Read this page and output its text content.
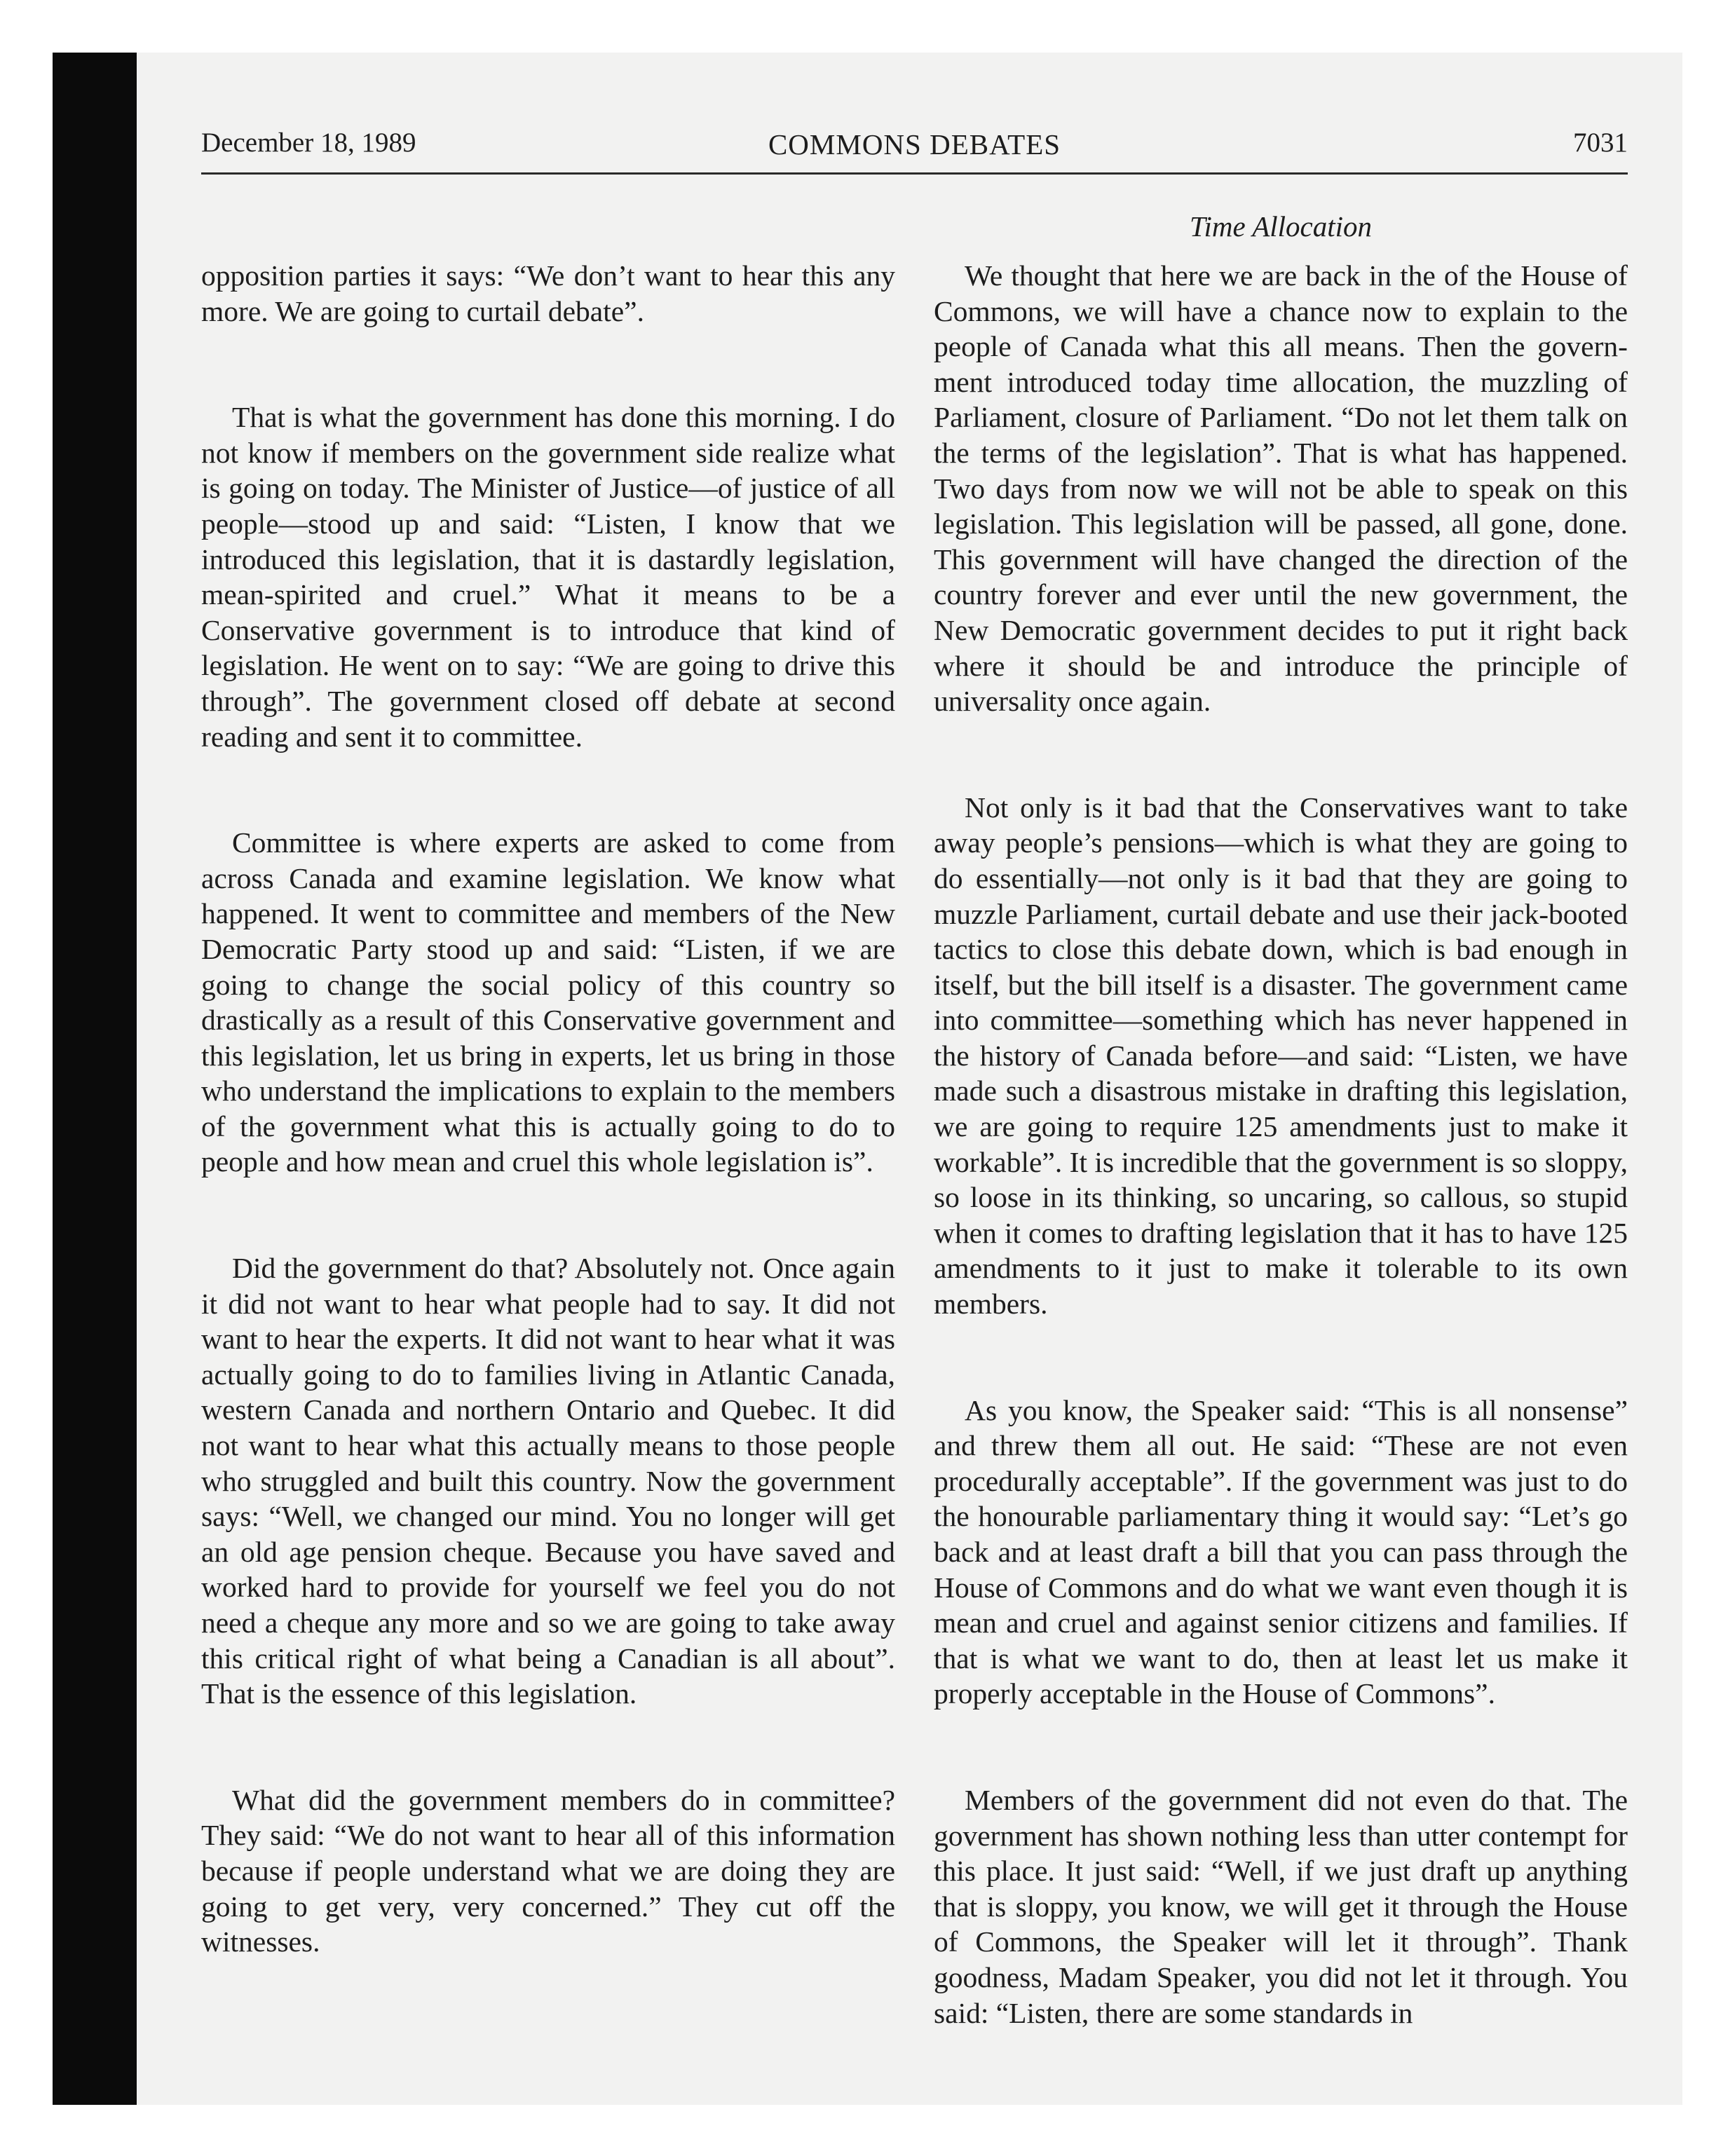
December 18, 1989	COMMONS DEBATES	7031
Time Allocation

opposition parties it says: “We don’t want to hear this any more. We are going to curtail debate”.

That is what the government has done this morning. I do not know if members on the government side realize what is going on today. The Minister of Justice—of justice of all people—stood up and said: “Listen, I know that we introduced this legislation, that it is dastardly legislation, mean-spirited and cruel.” What it means to be a Conservative government is to introduce that kind of legislation. He went on to say: “We are going to drive this through”. The government closed off debate at second reading and sent it to committee.

Committee is where experts are asked to come from across Canada and examine legislation. We know what happened. It went to committee and members of the New Democratic Party stood up and said: “Listen, if we are going to change the social policy of this country so drastically as a result of this Conservative government and this legislation, let us bring in experts, let us bring in those who understand the implications to explain to the members of the government what this is actually going to do to people and how mean and cruel this whole legislation is”.

Did the government do that? Absolutely not. Once again it did not want to hear what people had to say. It did not want to hear the experts. It did not want to hear what it was actually going to do to families living in Atlantic Canada, western Canada and northern Ontario and Quebec. It did not want to hear what this actually means to those people who struggled and built this country. Now the government says: “Well, we changed our mind. You no longer will get an old age pension cheque. Because you have saved and worked hard to provide for yourself we feel you do not need a cheque any more and so we are going to take away this critical right of what being a Canadian is all about”. That is the essence of this legislation.

What did the government members do in committee? They said: “We do not want to hear all of this information because if people understand what we are doing they are going to get very, very concerned.” They cut off the witnesses.

We thought that here we are back in the of the House of Commons, we will have a chance now to explain to the people of Canada what this all means. Then the government introduced today time allocation, the muzzling of Parliament, closure of Parliament. “Do not let them talk on the terms of the legislation”. That is what has happened. Two days from now we will not be able to speak on this legislation. This legislation will be passed, all gone, done. This government will have changed the direction of the country forever and ever until the new government, the New Democratic government decides to put it right back where it should be and introduce the principle of universality once again.

Not only is it bad that the Conservatives want to take away people’s pensions—which is what they are going to do essentially—not only is it bad that they are going to muzzle Parliament, curtail debate and use their jack-booted tactics to close this debate down, which is bad enough in itself, but the bill itself is a disaster. The government came into committee—something which has never happened in the history of Canada before—and said: “Listen, we have made such a disastrous mistake in drafting this legislation, we are going to require 125 amendments just to make it workable”. It is incredible that the government is so sloppy, so loose in its thinking, so uncaring, so callous, so stupid when it comes to drafting legislation that it has to have 125 amendments to it just to make it tolerable to its own members.

As you know, the Speaker said: “This is all nonsense” and threw them all out. He said: “These are not even procedurally acceptable”. If the government was just to do the honourable parliamentary thing it would say: “Let’s go back and at least draft a bill that you can pass through the House of Commons and do what we want even though it is mean and cruel and against senior citizens and families. If that is what we want to do, then at least let us make it properly acceptable in the House of Commons”.

Members of the government did not even do that. The government has shown nothing less than utter contempt for this place. It just said: “Well, if we just draft up anything that is sloppy, you know, we will get it through the House of Commons, the Speaker will let it through”. Thank goodness, Madam Speaker, you did not let it through. You said: “Listen, there are some standards in
